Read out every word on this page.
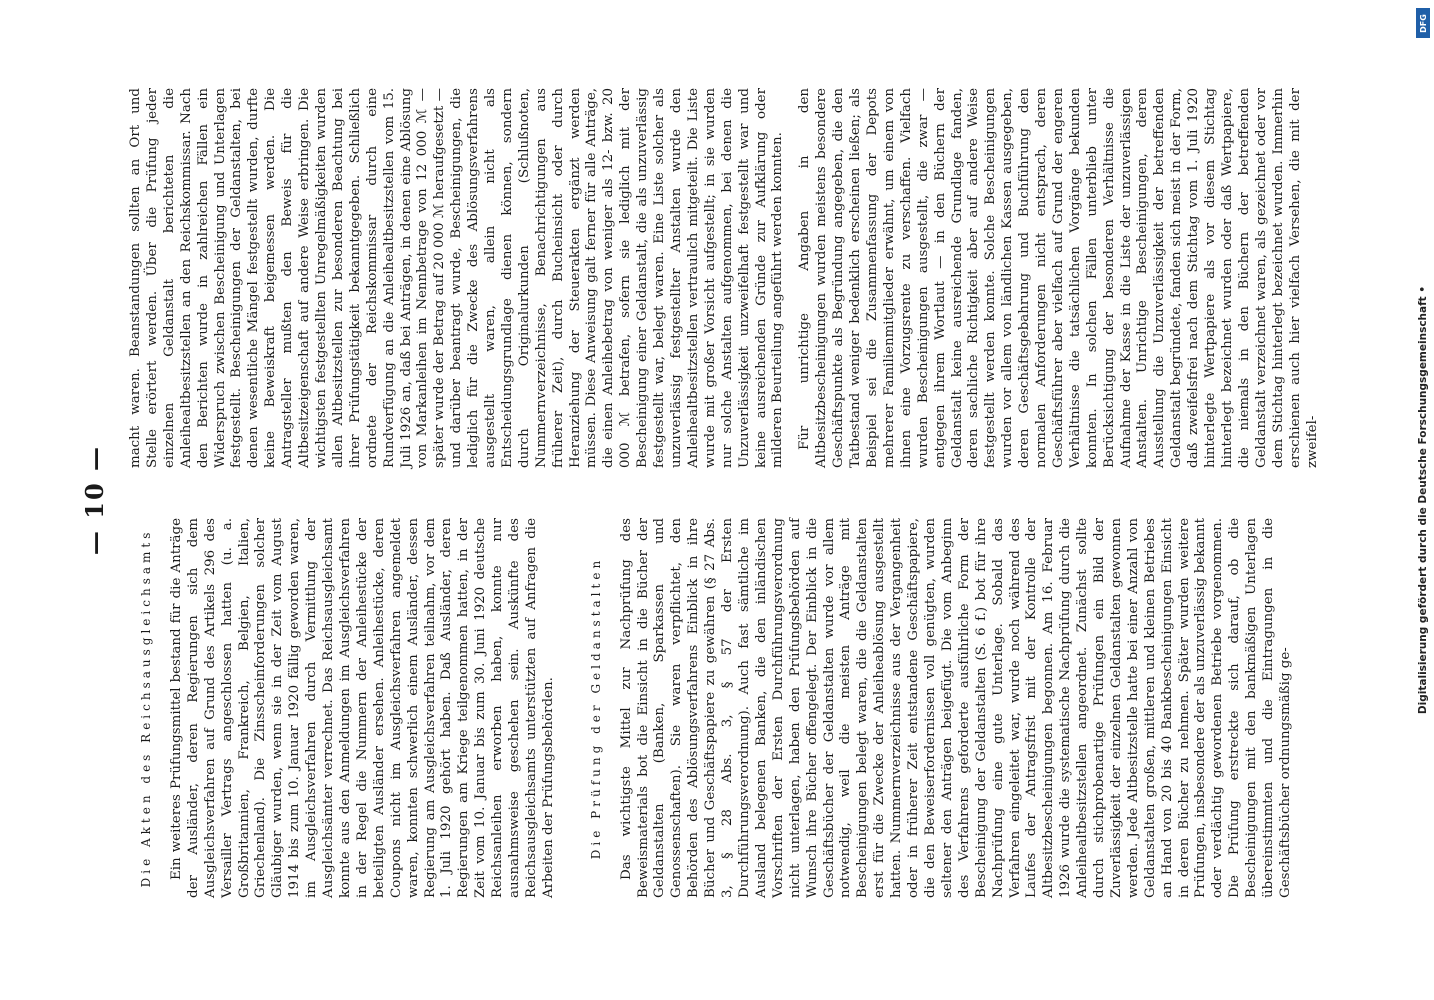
— 10 —
Die Akten des Reichsausgleichsamts Ein weiteres Prüfungsmittel bestand für die Anträge der Ausländer, deren Regierungen sich dem Ausgleichsverfahren auf Grund des Artikels 296 des Versailler Vertrags angeschlossen hatten (u. a. Großbritannien, Frankreich, Belgien, Italien, Griechenland). Die Zinsscheinforderungen solcher Gläubiger wurden, wenn sie in der Zeit vom August 1914 bis zum 10. Januar 1920 fällig geworden waren, im Ausgleichsverfahren durch Vermittlung der Ausgleichsämter verrechnet. Das Reichsausgleichsamt konnte aus den Anmeldungen im Ausgleichsverfahren in der Regel die Nummern der Anleihestücke der beteiligten Ausländer ersehen. Anleihestücke, deren Coupons nicht im Ausgleichsverfahren angemeldet waren, konnten schwerlich einem Ausländer, dessen Regierung am Ausgleichsverfahren teilnahm, vor dem 1. Juli 1920 gehört haben. Daß Ausländer, deren Regierungen am Kriege teilgenommen hatten, in der Zeit vom 10. Januar bis zum 30. Juni 1920 deutsche Reichsanleihen erworben haben, konnte nur ausnahmsweise geschehen sein. Auskünfte des Reichsausgleichsamts unterstützten auf Anfragen die Arbeiten der Prüfungsbehörden.	Die Prüfung der Geldanstalten Das wichtigste Mittel zur Nachprüfung des Beweismaterials bot die Einsicht in die Bücher der Geldanstalten (Banken, Sparkassen und Genossenschaften). Sie waren verpflichtet, den Behörden des Ablösungsverfahrens Einblick in ihre Bücher und Geschäftspapiere zu gewähren (§ 27 Abs. 3, § 28 Abs. 3, § 57 der Ersten Durchführungsverordnung). Auch fast sämtliche im Ausland belegenen Banken, die den inländischen Vorschriften der Ersten Durchführungsverordnung nicht unterlagen, haben den Prüfungsbehörden auf Wunsch ihre Bücher offengelegt. Der Einblick in die Geschäftsbücher der Geldanstalten wurde vor allem notwendig, weil die meisten Anträge mit Bescheinigungen belegt waren, die die Geldanstalten erst für die Zwecke der Anleiheablösung ausgestellt hatten. Nummernverzeichnisse aus der Vergangenheit oder in früherer Zeit entstandene Geschäftspapiere, die den Beweiserfordernissen voll genügten, wurden seltener den Anträgen beigefügt. Die vom Anbeginn des Verfahrens geforderte ausführliche Form der Bescheinigung der Geldanstalten (S. 6 f.) bot für ihre Nachprüfung eine gute Unterlage. Sobald das Verfahren eingeleitet war, wurde noch während des Laufes der Antragsfrist mit der Kontrolle der Altbesitzbescheinigungen begonnen. Am 16. Februar 1926 wurde die systematische Nachprüfung durch die Anleihealtbesitzstellen angeordnet. Zunächst sollte durch stichprobenartige Prüfungen ein Bild der Zuverlässigkeit der einzelnen Geldanstalten gewonnen werden. Jede Altbesitzstelle hatte bei einer Anzahl von Geldanstalten großen, mittleren und kleinen Betriebes an Hand von 20 bis 40 Bankbescheinigungen Einsicht in deren Bücher zu nehmen. Später wurden weitere Prüfungen, insbesondere der als unzuverlässig bekannt oder verdächtig gewordenen Betriebe vorgenommen. Die Prüfung erstreckte sich darauf, ob die Bescheinigungen mit den bankmäßigen Unterlagen übereinstimmten und die Eintragungen in die Geschäftsbücher ordnungsmäßig ge-

macht waren. Beanstandungen sollten an Ort und Stelle erörtert werden. Über die Prüfung jeder einzelnen Geldanstalt berichteten die Anleihealtbesitzstellen an den Reichskommissar. Nach den Berichten wurde in zahlreichen Fällen ein Widerspruch zwischen Bescheinigung und Unterlagen festgestellt. Bescheinigungen der Geldanstalten, bei denen wesentliche Mängel festgestellt wurden, durfte keine Beweiskraft beigemessen werden. Die Antragsteller mußten den Beweis für die Altbesitzeigenschaft auf andere Weise erbringen. Die wichtigsten festgestellten Unregelmäßigkeiten wurden allen Altbesitzstellen zur besonderen Beachtung bei ihrer Prüfungstätigkeit bekanntgegeben. Schließlich ordnete der Reichskommissar durch eine Rundverfügung an die Anleihealtbesitzstellen vom 15. Juli 1926 an, daß bei Anträgen, in denen eine Ablösung von Markanleihen im Nennbetrage von 12 000 ℳ — später wurde der Betrag auf 20 000 ℳ heraufgesetzt — und darüber beantragt wurde, Bescheinigungen, die lediglich für die Zwecke des Ablösungsverfahrens ausgestellt waren, allein nicht als Entscheidungsgrundlage dienen können, sondern durch Originalurkunden (Schlußnoten, Nummernverzeichnisse, Benachrichtigungen aus früherer Zeit), durch Bucheinsicht oder durch Heranziehung der Steuerakten ergänzt werden müssen. Diese Anweisung galt ferner für alle Anträge, die einen Anleihebetrag von weniger als 12- bzw. 20 000 ℳ betrafen, sofern sie lediglich mit der Bescheinigung einer Geldanstalt, die als unzuverlässig festgestellt war, belegt waren. Eine Liste solcher als unzuverlässig festgestellter Anstalten wurde den Anleihealtbesitzstellen vertraulich mitgeteilt. Die Liste wurde mit großer Vorsicht aufgestellt; in sie wurden nur solche Anstalten aufgenommen, bei denen die Unzuverlässigkeit unzweifelhaft festgestellt war und keine ausreichenden Gründe zur Aufklärung oder milderen Beurteilung angeführt werden konnten. Für unrichtige Angaben in den Altbesitzbescheinigungen wurden meistens besondere Geschäftspunkte als Begründung angegeben, die den Tatbestand weniger bedenklich erscheinen ließen; als Beispiel sei die Zusammenfassung der Depots mehrerer Familienmitglieder erwähnt, um einem von ihnen eine Vorzugsrente zu verschaffen. Vielfach wurden Bescheinigungen ausgestellt, die zwar — entgegen ihrem Wortlaut — in den Büchern der Geldanstalt keine ausreichende Grundlage fanden, deren sachliche Richtigkeit aber auf andere Weise festgestellt werden konnte. Solche Bescheinigungen wurden vor allem von ländlichen Kassen ausgegeben, deren Geschäftsgebahrung und Buchführung den normalen Anforderungen nicht entsprach, deren Geschäftsführer aber vielfach auf Grund der engeren Verhältnisse die tatsächlichen Vorgänge bekunden konnten. In solchen Fällen unterblieb unter Berücksichtigung der besonderen Verhältnisse die Aufnahme der Kasse in die Liste der unzuverlässigen Anstalten. Unrichtige Bescheinigungen, deren Ausstellung die Unzuverlässigkeit der betreffenden Geldanstalt begründete, fanden sich meist in der Form, daß zweifelsfrei nach dem Stichtag vom 1. Juli 1920 hinterlegte Wertpapiere als vor diesem Stichtag hinterlegt bezeichnet wurden oder daß Wertpapiere, die niemals in den Büchern der betreffenden Geldanstalt verzeichnet waren, als gezeichnet oder vor dem Stichtag hinterlegt bezeichnet wurden. Immerhin erschienen auch hier vielfach Versehen, die mit der zweifel-

DFG
Digitalisierung gefördert durch die Deutsche Forschungsgemeinschaft •
